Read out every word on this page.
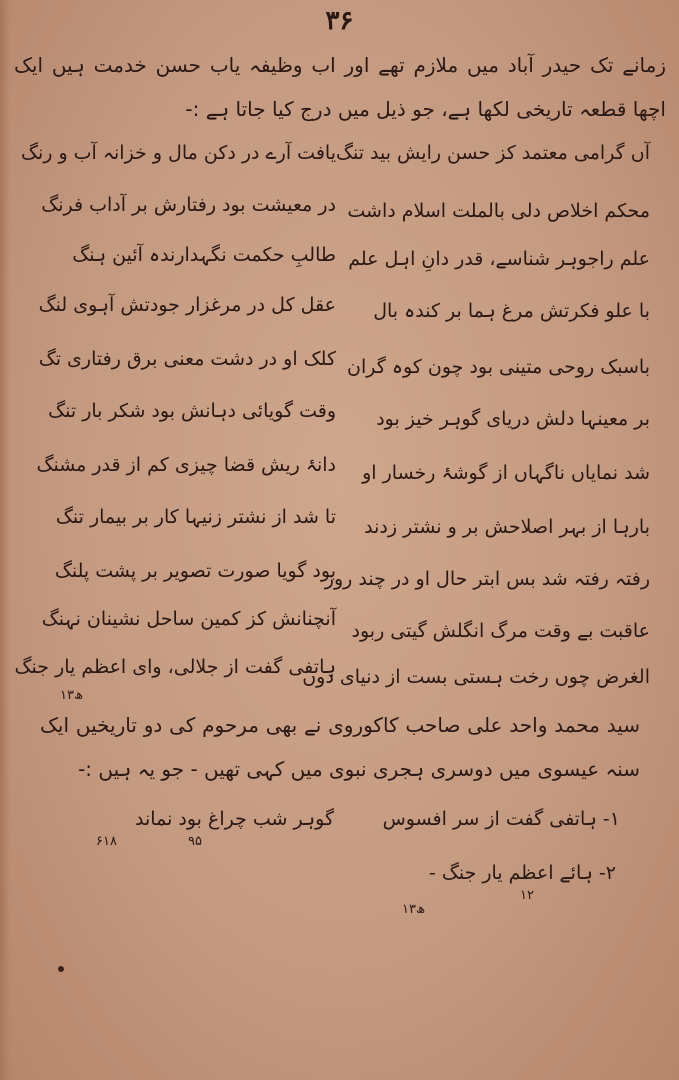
۳۶
زمانے تک حیدر آباد میں ملازم تھے اور اب وظیفہ یاب حسن خدمت ہیں ایک
اچھا قطعہ تاریخی لکھا ہے، جو ذیل میں درج کیا جاتا ہے :-
آں گرامی معتمد کز حسن رایش بید تنگ
یافت آرے در دکن مال و خزانہ آب و رنگ
محکم اخلاص دلی بالملت اسلام داشت
در معیشت بود رفتارش بر آداب فرنگ
علم راجوہر شناسے، قدر دانِ اہل علم
طالبِ حکمت نگہدارندہ آئین ہنگ
با علو فکرتش مرغ ہما بر کندہ بال
عقل کل در مرغزار جودتش آہوی لنگ
باسبک روحی متینی بود چون کوہ گران
کلک او در دشت معنی برق رفتاری تگ
بر معینہا دلش دریای گوہر خیز بود
وقت گویائی دہانش بود شکر بار تنگ
شد نمایاں ناگہاں از گوشۂ رخسار او
دانۂ ریش قضا چیزی کم از قدر مشنگ
بارہا از بہر اصلاحش بر و نشتر زدند
تا شد از نشتر زنیہا کار بر بیمار تنگ
رفتہ رفتہ شد بس ابتر حال او در چند روز
بود گویا صورت تصویر بر پشت پلنگ
عاقبت بے وقت مرگ انگلش گیتی ربود
آنچنانش کز کمین ساحل نشینان نہنگ
الغرض چوں رخت ہستی بست از دنیای دوں
ہاتفی گفت از جلالی، وای اعظم یار جنگ
۱۳ھ
سید محمد واحد علی صاحب کاکوروی نے بھی مرحوم کی دو تاریخیں ایک
سنہ عیسوی میں دوسری ہجری نبوی میں کہی تھیں - جو یہ ہیں :-
۱- ہاتفی گفت از سر افسوس
گوہر شب چراغ بود نماند
۶۱۸	۹۵
۲- ہائے اعظم یار جنگ -
۱۲
۱۳ھ
